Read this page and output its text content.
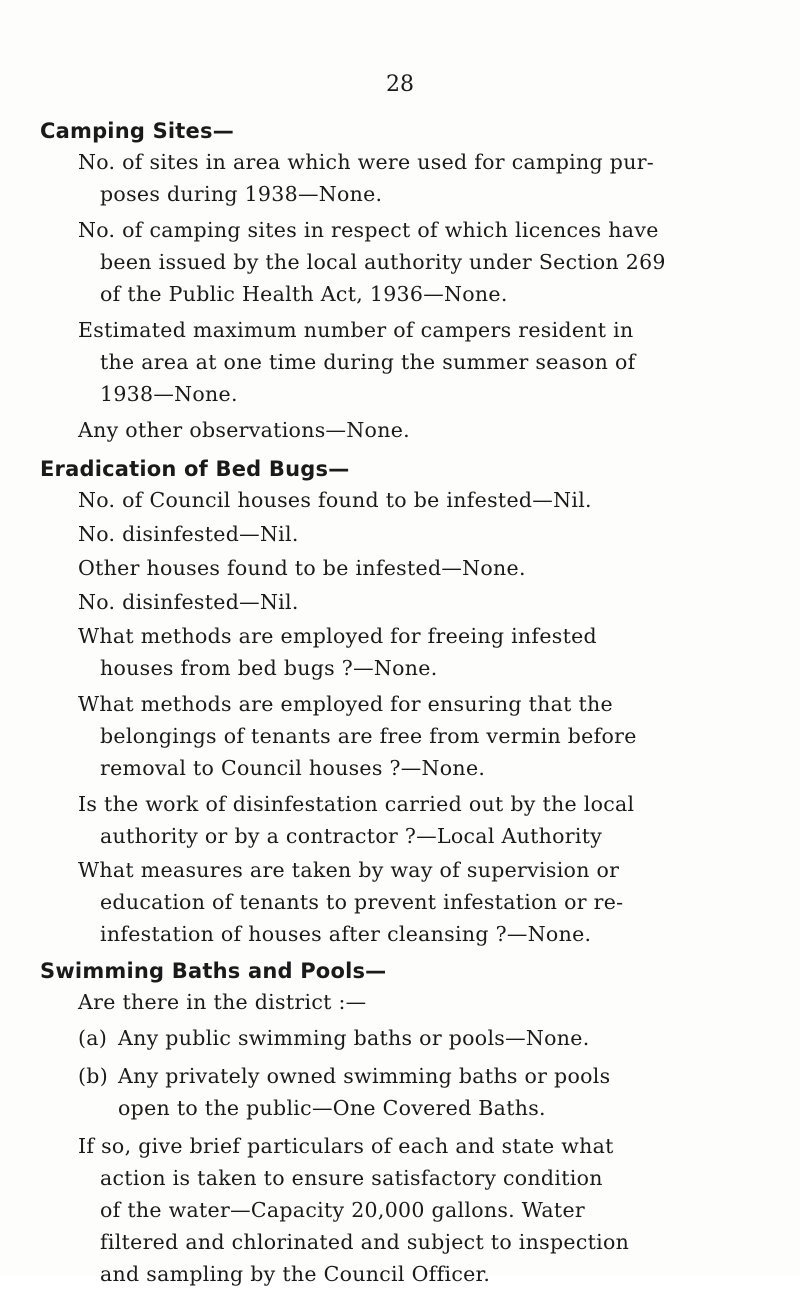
28
Camping Sites—
No. of sites in area which were used for camping pur-
poses during 1938—None.
No. of camping sites in respect of which licences have
been issued by the local authority under Section 269
of the Public Health Act, 1936—None.
Estimated maximum number of campers resident in
the area at one time during the summer season of
1938—None.
Any other observations—None.
Eradication of Bed Bugs—
No. of Council houses found to be infested—Nil.
No. disinfested—Nil.
Other houses found to be infested—None.
No. disinfested—Nil.
What methods are employed for freeing infested
houses from bed bugs ?—None.
What methods are employed for ensuring that the
belongings of tenants are free from vermin before
removal to Council houses ?—None.
Is the work of disinfestation carried out by the local
authority or by a contractor ?—Local Authority
What measures are taken by way of supervision or
education of tenants to prevent infestation or re-
infestation of houses after cleansing ?—None.
Swimming Baths and Pools—
Are there in the district :—
(a) Any public swimming baths or pools—None.
(b) Any privately owned swimming baths or pools
open to the public—One Covered Baths.
If so, give brief particulars of each and state what
action is taken to ensure satisfactory condition
of the water—Capacity 20,000 gallons. Water
filtered and chlorinated and subject to inspection
and sampling by the Council Officer.
